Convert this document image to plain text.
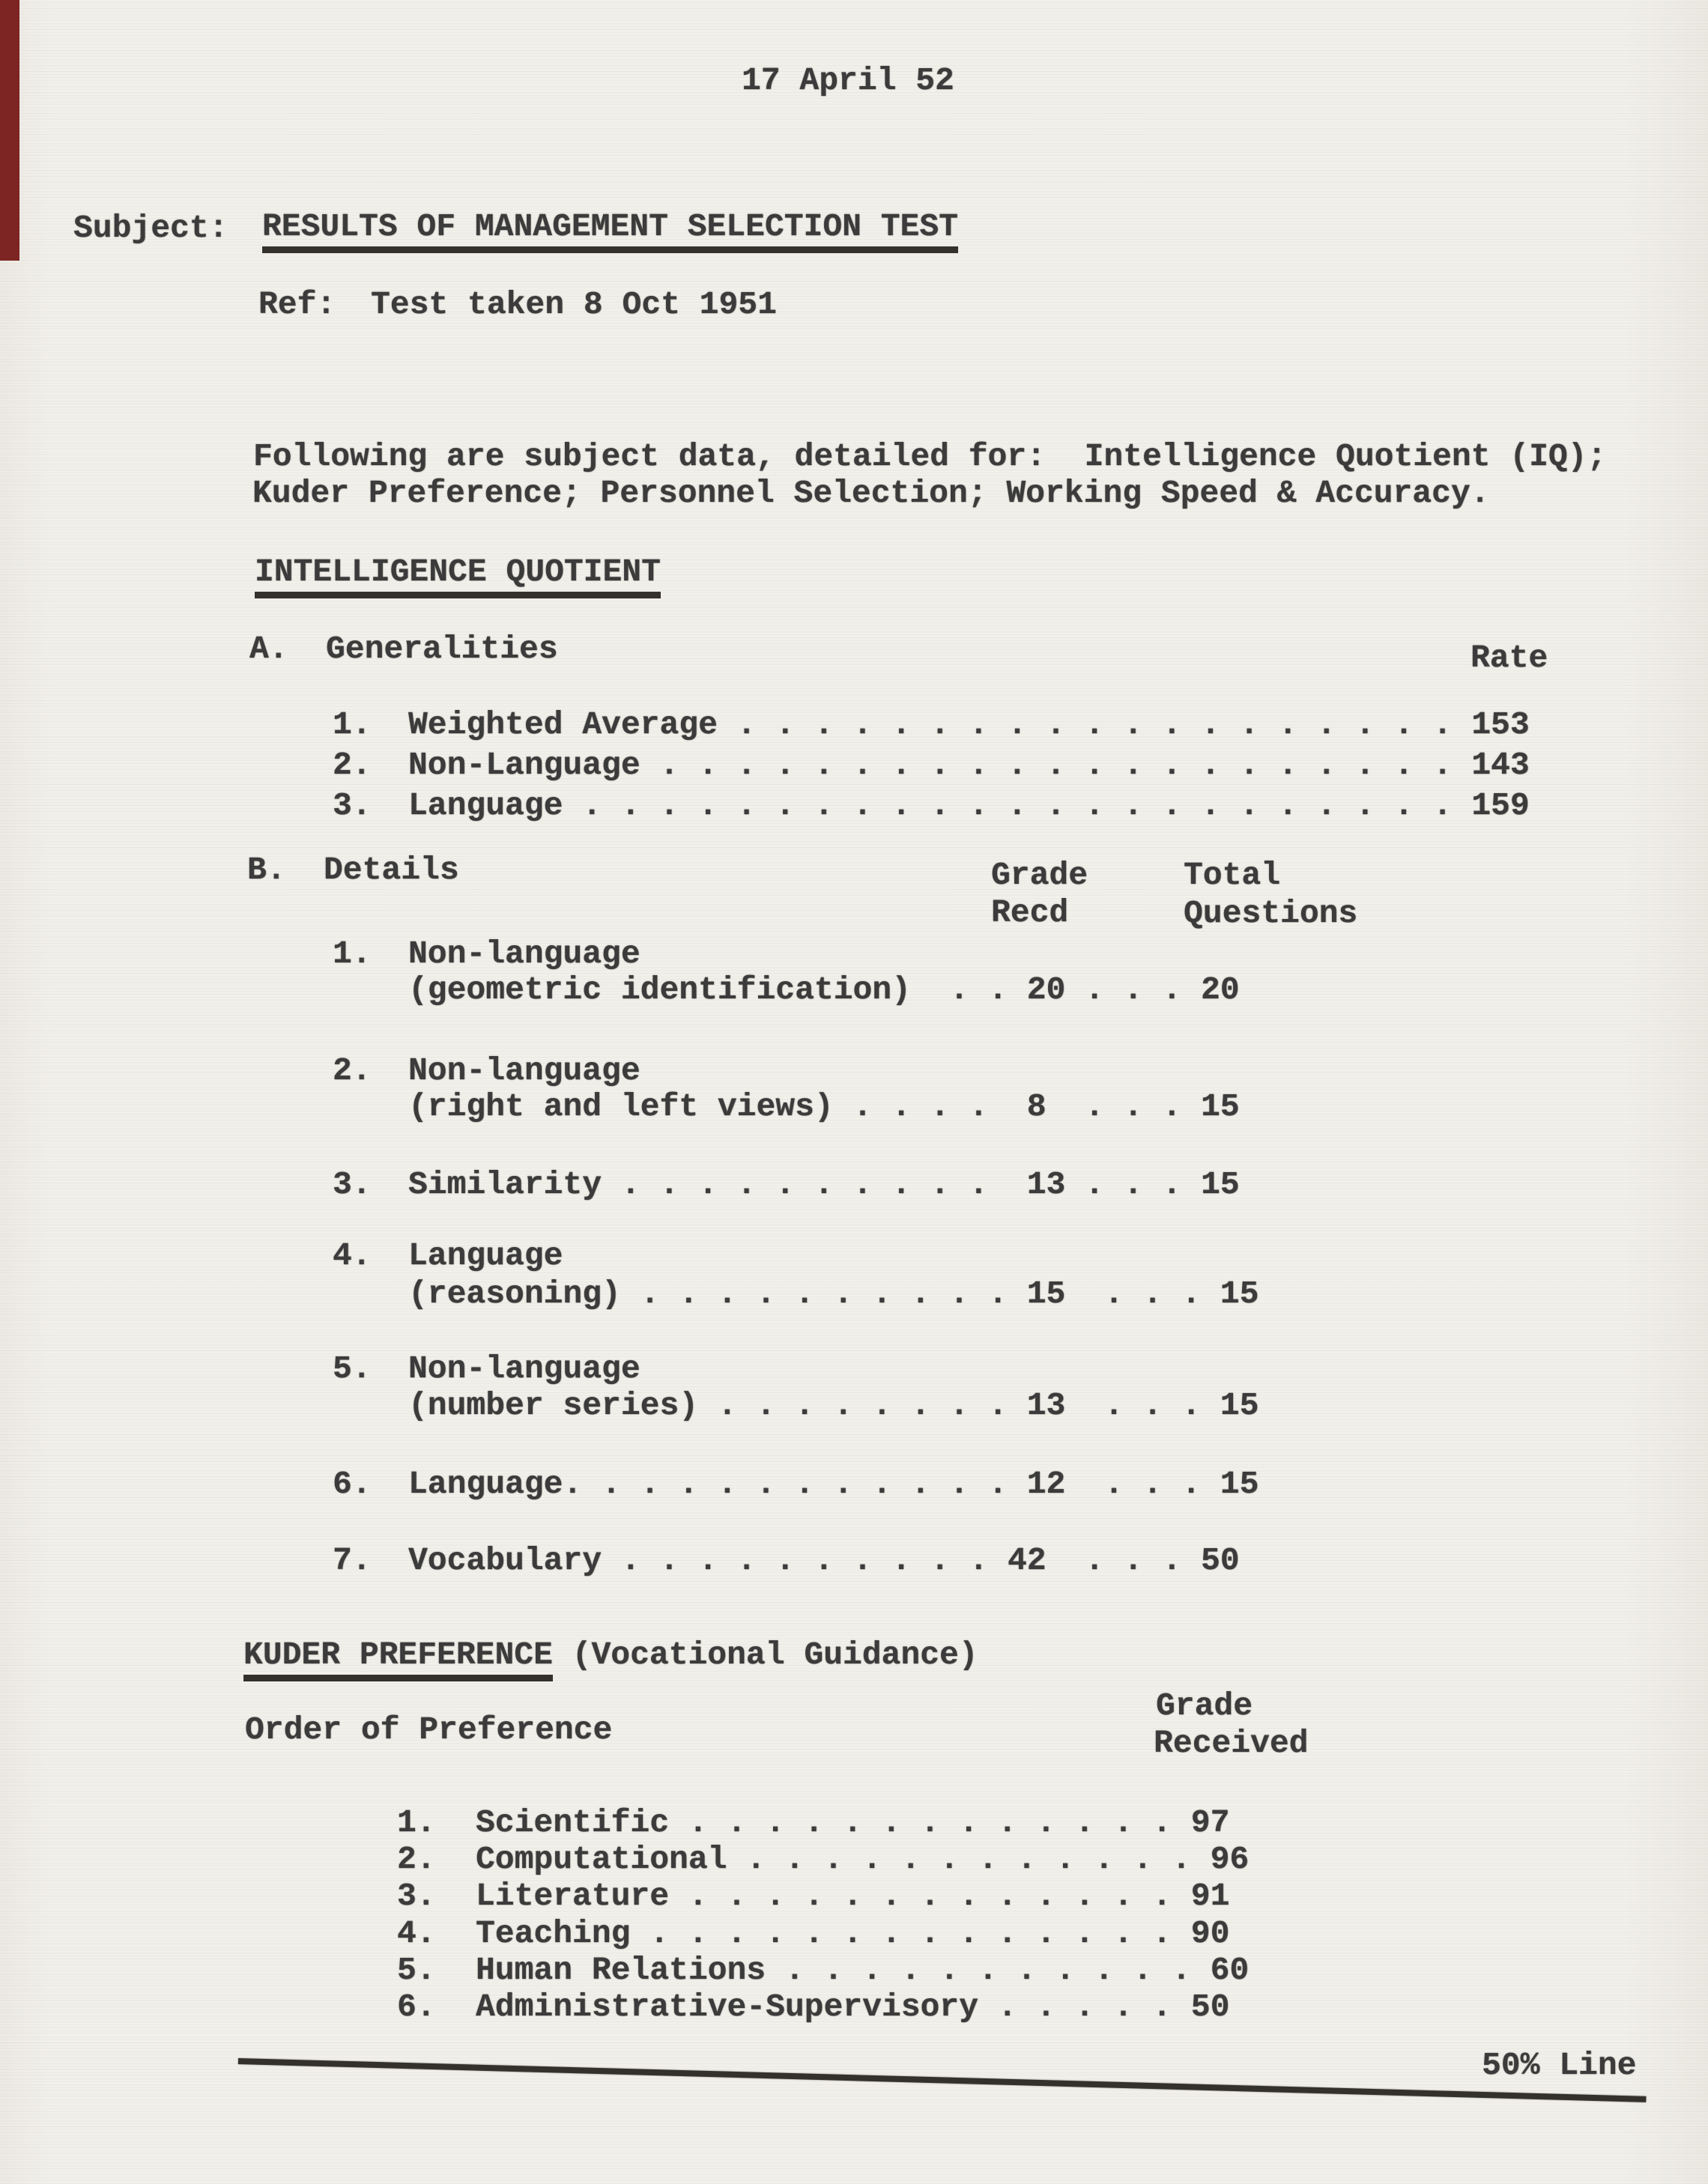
17 April 52
Subject: RESULTS OF MANAGEMENT SELECTION TEST
Ref: Test taken 8 Oct 1951
Following are subject data, detailed for:  Intelligence Quotient (IQ);
Kuder Preference; Personnel Selection; Working Speed & Accuracy.
INTELLIGENCE QUOTIENT
A. Generalities	Rate
1. Weighted Average . . . . . . . . . . . . . . . . . . . 153
2. Non-Language . . . . . . . . . . . . . . . . . . . . . 143
3. Language . . . . . . . . . . . . . . . . . . . . . . . 159
B. Details	Grade
Recd
Total
Questions
1. Non-language
(geometric identification)  . . 20 . . . 20
2. Non-language
(right and left views) . . . .  8  . . . 15
3. Similarity . . . . . . . . . .  13 . . . 15
4. Language
(reasoning) . . . . . . . . . . 15  . . . 15
5. Non-language
(number series) . . . . . . . . 13  . . . 15
6. Language. . . . . . . . . . . . 12  . . . 15
7. Vocabulary . . . . . . . . . . 42  . . . 50
KUDER PREFERENCE (Vocational Guidance)
Grade
Order of Preference	Received
1. Scientific . . . . . . . . . . . . . 97
2. Computational . . . . . . . . . . . . 96
3. Literature . . . . . . . . . . . . . 91
4. Teaching . . . . . . . . . . . . . . 90
5. Human Relations . . . . . . . . . . . 60
6. Administrative-Supervisory . . . . . 50
50% Line
